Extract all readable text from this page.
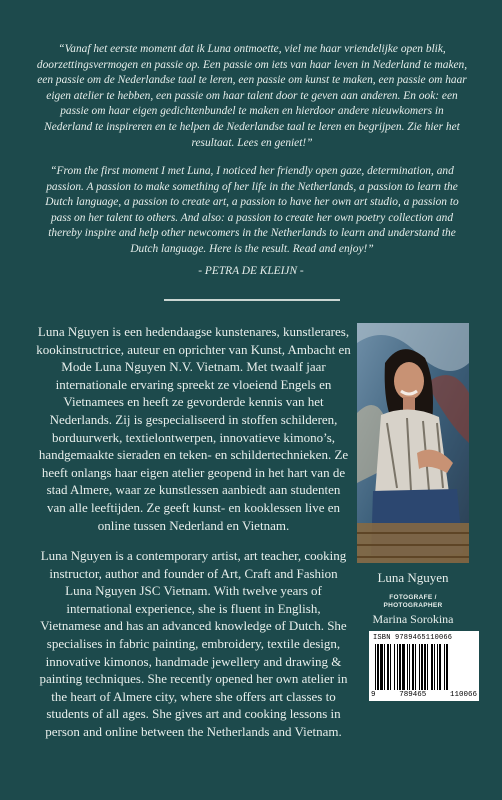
“Vanaf het eerste moment dat ik Luna ontmoette, viel me haar vriendelijke open blik, doorzettingsvermogen en passie op. Een passie om iets van haar leven in Nederland te maken, een passie om de Nederlandse taal te leren, een passie om kunst te maken, een passie om haar eigen atelier te hebben, een passie om haar talent door te geven aan anderen. En ook: een passie om haar eigen gedichtenbundel te maken en hierdoor andere nieuwkomers in Nederland te inspireren en te helpen de Nederlandse taal te leren en begrijpen. Zie hier het resultaat. Lees en geniet!”

“From the first moment I met Luna, I noticed her friendly open gaze, determination, and passion. A passion to make something of her life in the Netherlands, a passion to learn the Dutch language, a passion to create art, a passion to have her own art studio, a passion to pass on her talent to others. And also: a passion to create her own poetry collection and thereby inspire and help other newcomers in the Netherlands to learn and understand the Dutch language. Here is the result. Read and enjoy!”

- PETRA DE KLEIJN -

Luna Nguyen is een hedendaagse kunstenares, kunstlerares, kookinstructrice, auteur en oprichter van Kunst, Ambacht en Mode Luna Nguyen N.V. Vietnam. Met twaalf jaar internationale ervaring spreekt ze vloeiend Engels en Vietnamees en heeft ze gevorderde kennis van het Nederlands. Zij is gespecialiseerd in stoffen schilderen, borduurwerk, textielontwerpen, innovatieve kimono’s, handgemaakte sieraden en teken- en schildertechnieken. Ze heeft onlangs haar eigen atelier geopend in het hart van de stad Almere, waar ze kunstlessen aanbiedt aan studenten van alle leeftijden. Ze geeft kunst- en kooklessen live en online tussen Nederland en Vietnam.

Luna Nguyen is a contemporary artist, art teacher, cooking instructor, author and founder of Art, Craft and Fashion Luna Nguyen JSC Vietnam. With twelve years of international experience, she is fluent in English, Vietnamese and has an advanced knowledge of Dutch. She specialises in fabric painting, embroidery, textile design, innovative kimonos, handmade jewellery and drawing & painting techniques. She recently opened her own atelier in the heart of Almere city, where she offers art classes to students of all ages. She gives art and cooking lessons in person and online between the Netherlands and Vietnam.

Luna Nguyen
FOTOGRAFE /
PHOTOGRAPHER
Marina Sorokina
ISBN 9789465110066
9	789465	110066
